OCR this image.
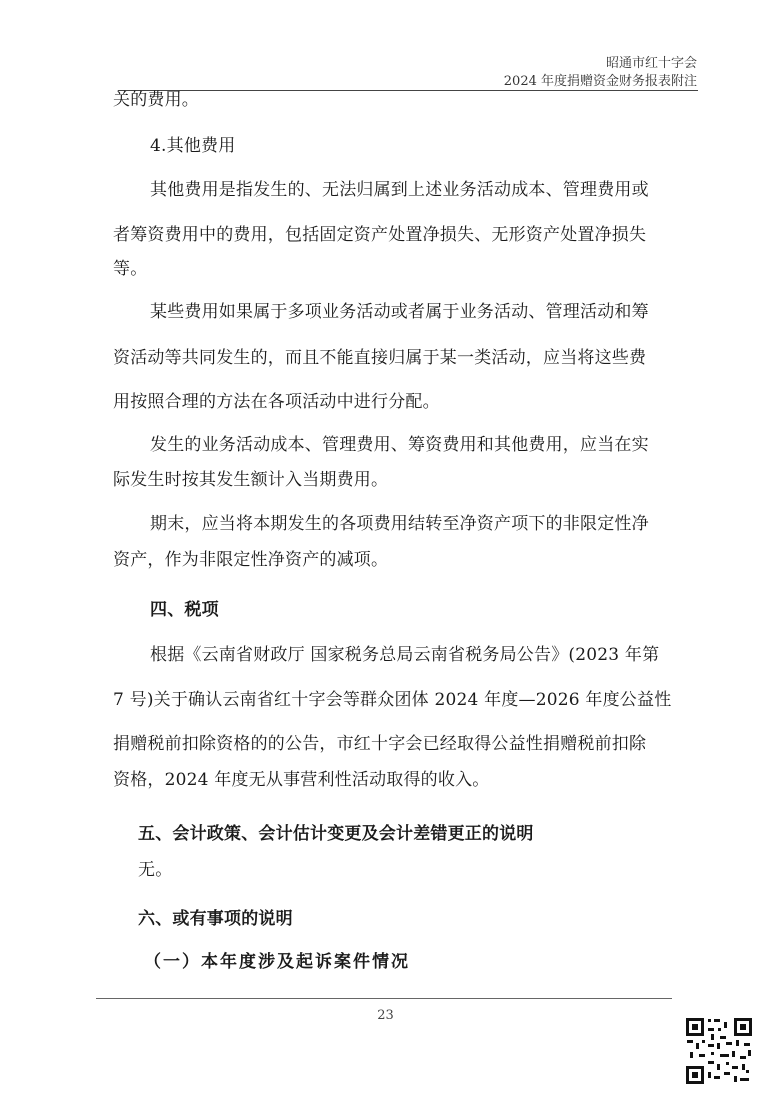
昭通市红十字会
2024 年度捐赠资金财务报表附注
关的费用。
4.其他费用
其他费用是指发生的、无法归属到上述业务活动成本、管理费用或
者筹资费用中的费用，包括固定资产处置净损失、无形资产处置净损失
等。
某些费用如果属于多项业务活动或者属于业务活动、管理活动和筹
资活动等共同发生的，而且不能直接归属于某一类活动，应当将这些费
用按照合理的方法在各项活动中进行分配。
发生的业务活动成本、管理费用、筹资费用和其他费用，应当在实
际发生时按其发生额计入当期费用。
期末，应当将本期发生的各项费用结转至净资产项下的非限定性净
资产，作为非限定性净资产的减项。
四、税项
根据《云南省财政厅 国家税务总局云南省税务局公告》(2023 年第
7 号)关于确认云南省红十字会等群众团体 2024 年度—2026 年度公益性
捐赠税前扣除资格的的公告，市红十字会已经取得公益性捐赠税前扣除
资格，2024 年度无从事营利性活动取得的收入。
五、会计政策、会计估计变更及会计差错更正的说明
无。
六、或有事项的说明
（一）本年度涉及起诉案件情况
23
